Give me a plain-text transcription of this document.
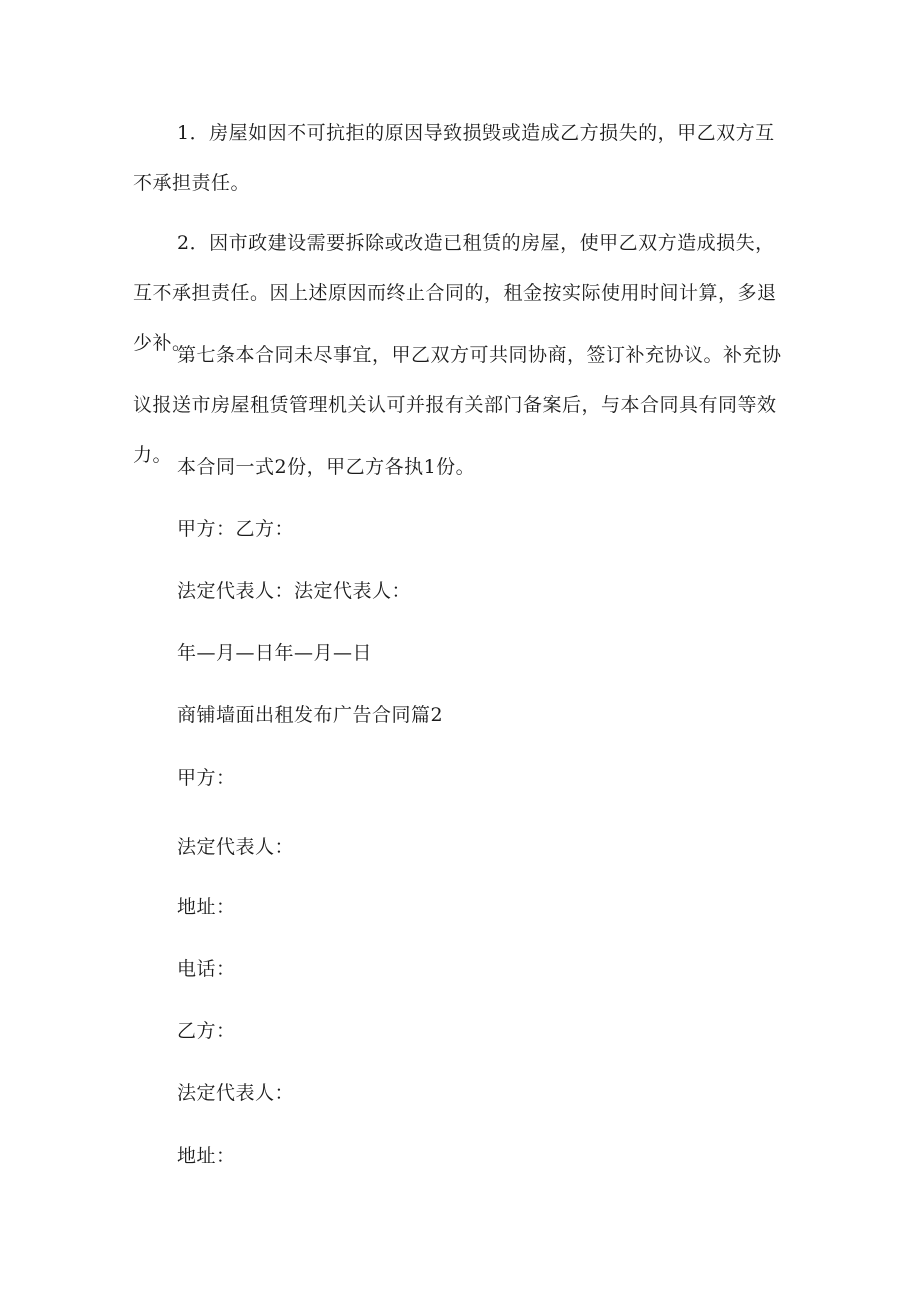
1．房屋如因不可抗拒的原因导致损毁或造成乙方损失的，甲乙双方互不承担责任。

2．因市政建设需要拆除或改造已租赁的房屋，使甲乙双方造成损失，互不承担责任。因上述原因而终止合同的，租金按实际使用时间计算，多退少补。

第七条本合同未尽事宜，甲乙双方可共同协商，签订补充协议。补充协议报送市房屋租赁管理机关认可并报有关部门备案后，与本合同具有同等效力。

本合同一式2份，甲乙方各执1份。

甲方：乙方：

法定代表人：法定代表人：

年—月—日年—月—日

商铺墙面出租发布广告合同篇2

甲方：

法定代表人：

地址：

电话：

乙方：

法定代表人：

地址：
